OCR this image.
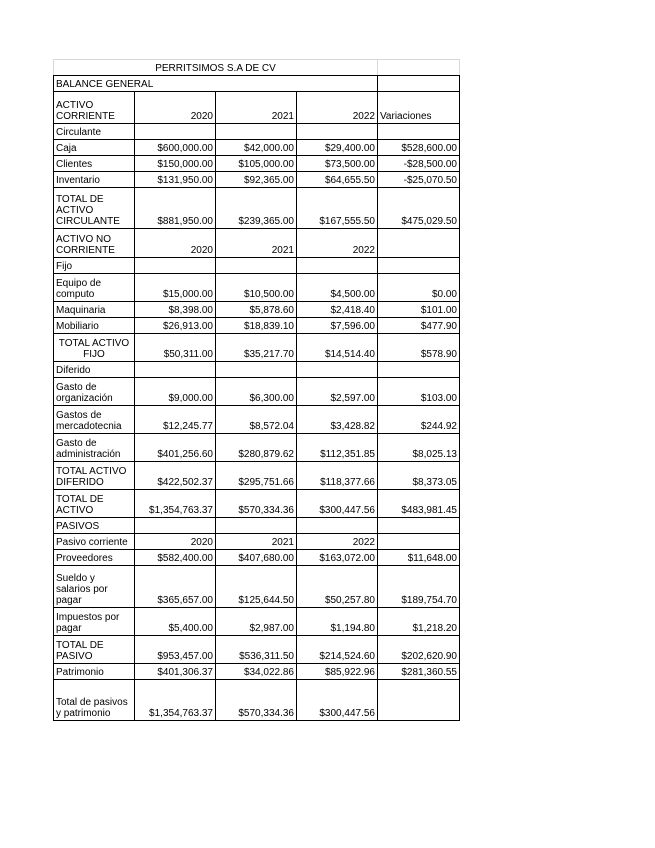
PERRITSIMOS S.A DE CV				
BALANCE GENERAL				
ACTIVO CORRIENTE	2020	2021	2022	Variaciones
Circulante				
Caja	$600,000.00	$42,000.00	$29,400.00	$528,600.00
Clientes	$150,000.00	$105,000.00	$73,500.00	-$28,500.00
Inventario	$131,950.00	$92,365.00	$64,655.50	-$25,070.50
TOTAL DE ACTIVO CIRCULANTE	$881,950.00	$239,365.00	$167,555.50	$475,029.50
ACTIVO NO CORRIENTE	2020	2021	2022	
Fijo				
Equipo de computo	$15,000.00	$10,500.00	$4,500.00	$0.00
Maquinaria	$8,398.00	$5,878.60	$2,418.40	$101.00
Mobiliario	$26,913.00	$18,839.10	$7,596.00	$477.90
TOTAL ACTIVO FIJO	$50,311.00	$35,217.70	$14,514.40	$578.90
Diferido				
Gasto de organización	$9,000.00	$6,300.00	$2,597.00	$103.00
Gastos de mercadotecnia	$12,245.77	$8,572.04	$3,428.82	$244.92
Gasto de administración	$401,256.60	$280,879.62	$112,351.85	$8,025.13
TOTAL ACTIVO DIFERIDO	$422,502.37	$295,751.66	$118,377.66	$8,373.05
TOTAL DE ACTIVO	$1,354,763.37	$570,334.36	$300,447.56	$483,981.45
PASIVOS				
Pasivo corriente	2020	2021	2022	
Proveedores	$582,400.00	$407,680.00	$163,072.00	$11,648.00
Sueldo y salarios por pagar	$365,657.00	$125,644.50	$50,257.80	$189,754.70
Impuestos por pagar	$5,400.00	$2,987.00	$1,194.80	$1,218.20
TOTAL DE PASIVO	$953,457.00	$536,311.50	$214,524.60	$202,620.90
Patrimonio	$401,306.37	$34,022.86	$85,922.96	$281,360.55
Total de pasivos y patrimonio	$1,354,763.37	$570,334.36	$300,447.56	
